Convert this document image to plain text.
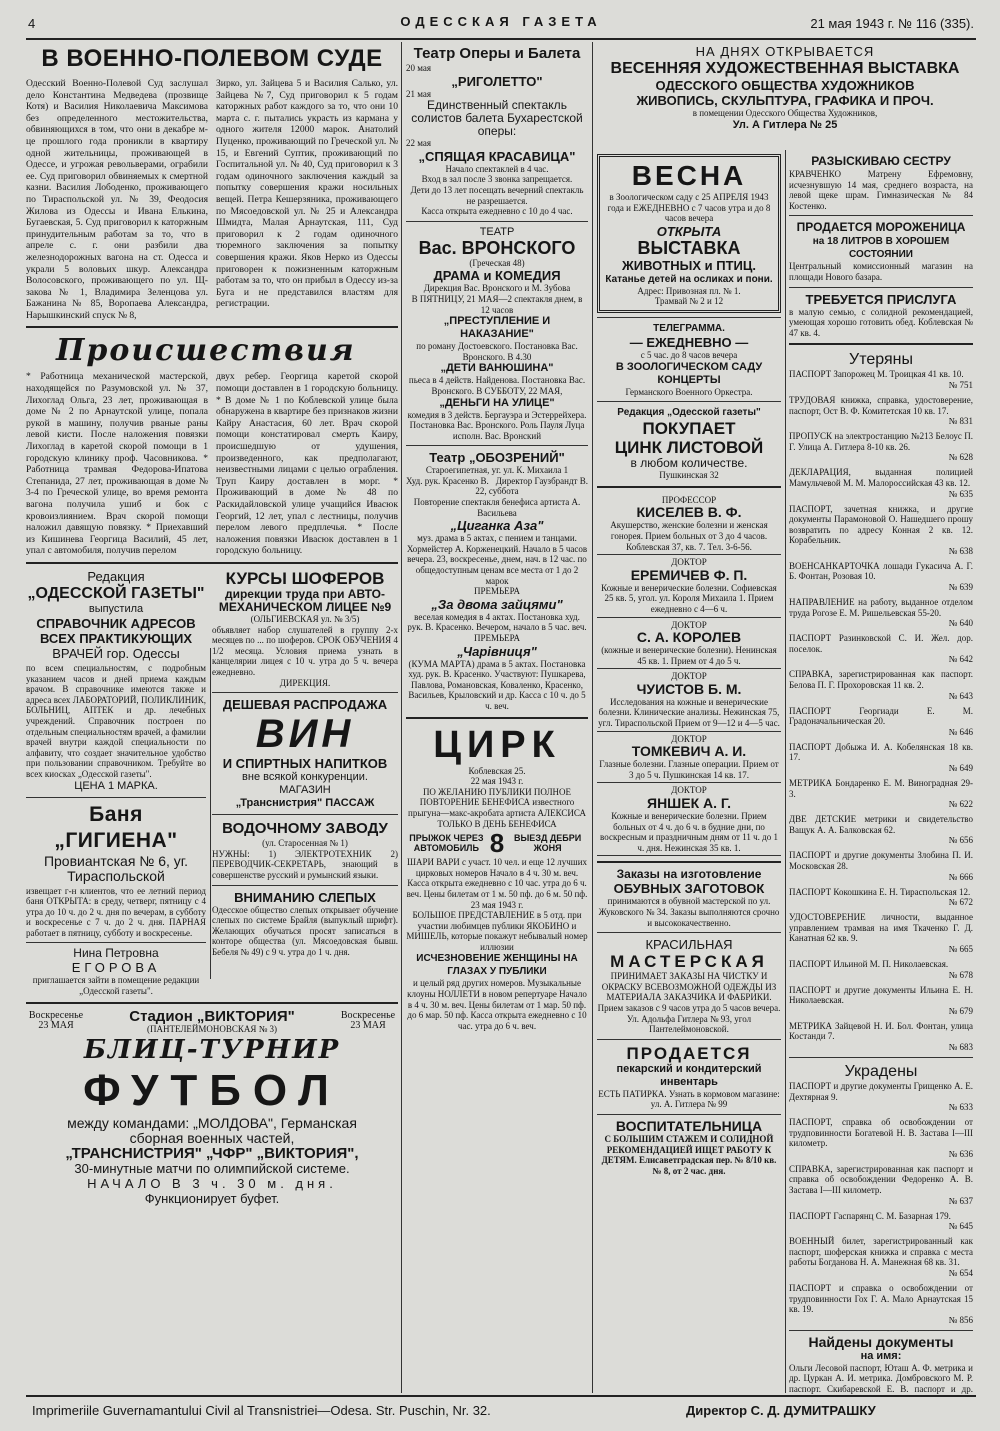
4	ОДЕССКАЯ ГАЗЕТА	21 мая 1943 г. № 116 (335).
В ВОЕННО-ПОЛЕВОМ СУДЕ

Одесский Военно-Полевой Суд заслушал дело Константина Медведева (прозвище Котя) и Василия Николаевича Максимова без определенного местожительства, обвиняющихся в том, что они в декабре м-це прошлого года проникли в квартиру одной жительницы, проживающей в Одессе, и угрожая револьверами, ограбили ее. Суд приговорил обвиняемых к смертной казни. Василия Лободенко, проживающего по Тираспольской ул. № 39, Феодосия Жилова из Одессы и Ивана Елькина, Бугаевская, 5. Суд приговорил к каторжным принудительным работам за то, что в апреле с. г. они разбили два железнодорожных вагона на ст. Одесса и украли 5 воловьих шкур. Александра Волосовского, проживающего по ул. Щ-закова № 1, Владимира Зеленцова ул. Бажанина № 85, Воропаева Александра, Нарышкинский спуск № 8,

Зирко, ул. Зайцева 5 и Василия Салько, ул. Зайцева №7, Суд приговорил к 5 годам каторжных работ каждого за то, что они 10 марта с. г. пытались украсть из кармана у одного жителя 12000 марок. Анатолий Пуценко, проживающий по Греческой ул. № 15, и Евгений Суптик, проживающий по Госпитальной ул. № 40, Суд приговорил к 3 годам одиночного заключения каждый за попытку совершения кражи носильных вещей. Петра Кешерзяника, проживающего по Мясоедовской ул. № 25 и Александра Шмидта, Малая Арнаутская, 111, Суд приговорил к 2 годам одиночного тюремного заключения за попытку совершения кражи. Яков Нерко из Одессы приговорен к пожизненным каторжным работам за то, что он прибыл в Одессу из-за Буга и не представился властям для регистрации.

Происшествия

* Работница механической мастерской, находящейся по Разумовской ул. № 37, Лихоглад Ольга, 23 лет, проживающая в доме № 2 по Арнаутской улице, попала рукой в машину, получив рваные раны левой кисти. После наложения повязки Лихоглад в каретой скорой помощи в 1 городскую клинику проф. Часовникова. * Работница трамвая Федорова-Ипатова Степанида, 27 лет, проживающая в доме № 3-4 по Греческой улице, во время ремонта вагона получила ушиб и бок с кровоизлиянием. Врач скорой помощи наложил давящую повязку. * Приехавший из Кишинева Георгица Василий, 45 лет, упал с автомобиля, получив перелом

двух ребер. Георгица каретой скорой помощи доставлен в 1 городскую больницу. * В доме № 1 по Коблевской улице была обнаружена в квартире без признаков жизни Кайру Анастасия, 60 лет. Врач скорой помощи констатировал смерть Каиру, происшедшую от удушения, произведенного, как предполагают, неизвестными лицами с целью ограбления. Труп Каиру доставлен в морг. * Проживающий в доме № 48 по Раскидайловской улице учащийся Ивасюк Георгий, 12 лет, упал с лестницы, получив перелом левого предплечья. * После наложения повязки Ивасюк доставлен в 1 городскую больницу.

Редакция
„ОДЕССКОЙ ГАЗЕТЫ"
выпустила
СПРАВОЧНИК АДРЕСОВ
ВСЕХ ПРАКТИКУЮЩИХ
ВРАЧЕЙ гор. Одессы

по всем специальностям, с подробным указанием часов и дней приема каждым врачом. В справочнике имеются также и адреса всех ЛАБОРАТОРИЙ, ПОЛИКЛИНИК, БОЛЬНИЦ, АПТЕК и др. лечебных учреждений. Справочник построен по отдельным специальностям врачей, а фамилии врачей внутри каждой специальности по алфавиту, что создает значительное удобство при пользовании справочником. Требуйте во всех киосках „Одесской газеты".

ЦЕНА 1 МАРКА.
Баня „ГИГИЕНА"
Провиантская № 6, уг. Тираспольской

извещает г-н клиентов, что ее летний период баня ОТКРЫТА: в среду, четверг, пятницу с 4 утра до 10 ч. до 2 ч. дня по вечерам, в субботу и воскресенье с 7 ч. до 2 ч. дня. ПАРНАЯ работает в пятницу, субботу и воскресенье.

Нина Петровна
ЕГОРОВА

приглашается зайти в помещение редакции „Одесской газеты".

КУРСЫ ШОФЕРОВ
дирекции труда при АВТО-МЕХАНИЧЕСКОМ ЛИЦЕЕ №9
(ОЛЬГИЕВСКАЯ ул. № 3/5)

объявляет набор слушателей в группу 2-х месяцев по ... по шоферов. СРОК ОБУЧЕНИЯ 4 1/2 месяца. Условия приема узнать в канцелярии лицея с 10 ч. утра до 5 ч. вечера ежедневно.

ДИРЕКЦИЯ.
ДЕШЕВАЯ РАСПРОДАЖА
ВИН
И СПИРТНЫХ НАПИТКОВ
вне всякой конкуренции.
МАГАЗИН
„Транснистрия" ПАССАЖ
ВОДОЧНОМУ ЗАВОДУ
(ул. Старосенная № 1)

НУЖНЫ: 1) ЭЛЕКТРОТЕХНИК 2) ПЕРЕВОДЧИК-СЕКРЕТАРЬ, знающий в совершенстве русский и румынский языки.

ВНИМАНИЮ СЛЕПЫХ

Одесское общество слепых открывает обучение слепых по системе Брайля (выпуклый шрифт). Желающих обучаться просят записаться в конторе общества (ул. Мясоедовская бывш. Бебеля № 49) с 9 ч. утра до 1 ч. дня.

Воскресенье 23 МАЯ
Стадион „ВИКТОРИЯ"
(ПАНТЕЛЕЙМОНОВСКАЯ № 3)
Воскресенье 23 МАЯ
БЛИЦ-ТУРНИР
ФУТБОЛ
между командами: „МОЛДОВА", Германская
сборная военных частей,
„ТРАНСНИСТРИЯ" „ЧФР" „ВИКТОРИЯ",
30-минутные матчи по олимпийской системе.
НАЧАЛО В 3 ч. 30 м. дня.
Функционирует буфет.
Театр Оперы и Балета
20 мая
„РИГОЛЕТТО"
21 мая
Единственный спектакль солистов балета Бухарестской оперы:
22 мая
„СПЯЩАЯ КРАСАВИЦА"
Начало спектаклей в 4 час.

Вход в зал после 3 звонка запрещается.

Дети до 13 лет посещать вечерний спектакль не разрешается.

Касса открыта ежедневно с 10 до 4 час.

ТЕАТР
Вас. ВРОНСКОГО
(Греческая 48)
ДРАМА и КОМЕДИЯ
Дирекция Вас. Вронского и М. Зубова

В ПЯТНИЦУ, 21 МАЯ—2 спектакля днем, в 12 часов

„ПРЕСТУПЛЕНИЕ И НАКАЗАНИЕ"

по роману Достоевского. Постановка Вас. Вронского. В 4.30

„ДЕТИ ВАНЮШИНА"

пьеса в 4 действ. Найденова. Постановка Вас. Вронского. В СУББОТУ, 22 МАЯ,

„ДЕНЬГИ НА УЛИЦЕ"

комедия в 3 действ. Бергауэра и Эстеррейхера. Постановка Вас. Вронского. Роль Пауля Луца исполн. Вас. Вронский

Театр „ОБОЗРЕНИЙ"
Староегипетная, уг. ул. К. Михаила 1
Худ. рук. Красенко В. Директор Гаузбрандт В.
22, суббота

Повторение спектакля бенефиса артиста А. Васильева

„Циганка Аза"

муз. драма в 5 актах, с пением и танцами. Хормейстер А. Корженецкий. Начало в 5 часов вечера. 23, воскресенье, днем, нач. в 12 час. по общедоступным ценам все места от 1 до 2 марок

ПРЕМЬЕРА
„За двома зайцями"

веселая комедия в 4 актах. Постановка худ. рук. В. Красенко. Вечером, начало в 5 час. веч.

ПРЕМЬЕРА
„Чарівниця"

(КУМА МАРТА) драма в 5 актах. Постановка худ. рук. В. Красенко. Участвуют: Пушкарева, Павлова, Романовская, Коваленко, Красенко, Васильев, Крыловский и др. Касса с 10 ч. до 5 ч. веч.

ЦИРК
Коблевская 25.
22 мая 1943 г.

ПО ЖЕЛАНИЮ ПУБЛИКИ ПОЛНОЕ ПОВТОРЕНИЕ БЕНЕФИСА известного прыгуна—макс-акробата артиста АЛЕКСИСА ТОЛЬКО В ДЕНЬ БЕНЕФИСА

ПРЫЖОК ЧЕРЕЗ АВТОМОБИЛЬ 8	ВЫЕЗД ДЕБРИ ЖОНЯ

ШАРИ ВАРИ с участ. 10 чел. и еще 12 лучших цирковых номеров Начало в 4 ч. 30 м. веч. Касса открыта ежедневно с 10 час. утра до 6 ч. веч. Цены билетам от 1 м. 50 пф. до 6 м. 50 пф.

23 мая 1943 г.

БОЛЬШОЕ ПРЕДСТАВЛЕНИЕ в 5 отд. при участии любимцев публики ЯКОБИНО и МИШЕЛЬ, которые покажут небывалый номер иллюзии

ИСЧЕЗНОВЕНИЕ ЖЕНЩИНЫ НА ГЛАЗАХ У ПУБЛИКИ

и целый ряд других номеров. Музыкальные клоуны НОЛЛЕТИ в новом репертуаре Начало в 4 ч. 30 м. веч. Цены билетам от 1 мар. 50 пф. до 6 мар. 50 пф. Касса открыта ежедневно с 10 час. утра до 6 ч. веч.

НА ДНЯХ ОТКРЫВАЕТСЯ
ВЕСЕННЯЯ ХУДОЖЕСТВЕННАЯ ВЫСТАВКА
ОДЕССКОГО ОБЩЕСТВА ХУДОЖНИКОВ
ЖИВОПИСЬ, СКУЛЬПТУРА, ГРАФИКА И ПРОЧ.
в помещении Одесского Общества Художников,
Ул. А Гитлера № 25
ВЕСНА

в Зоологическом саду с 25 АПРЕЛЯ 1943 года и ЕЖЕДНЕВНО с 7 часов утра и до 8 часов вечера

ОТКРЫТА
ВЫСТАВКА
ЖИВОТНЫХ и ПТИЦ.
Катанье детей на осликах и пони.
Адрес: Привозная пл. № 1.
Трамвай № 2 и 12
ТЕЛЕГРАММА.
— ЕЖЕДНЕВНО —
с 5 час. до 8 часов вечера
В ЗООЛОГИЧЕСКОМ САДУ
КОНЦЕРТЫ
Германского Военного Оркестра.
Редакция „Одесской газеты"
ПОКУПАЕТ
ЦИНК ЛИСТОВОЙ
в любом количестве.
Пушкинская 32
ПРОФЕССОР
КИСЕЛЕВ В. Ф.

Акушерство, женские болезни и женская гонорея. Прием больных от 3 до 4 часов. Коблевская 37, кв. 7. Тел. 3-6-56.

ДОКТОР
ЕРЕМИЧЕВ Ф. П.

Кожные и венерические болезни. Софиевская 25 кв. 5, угол. ул. Короля Михаила 1. Прием ежедневно с 4—6 ч.

ДОКТОР
С. А. КОРОЛЕВ

(кожные и венерические болезни). Ненинская 45 кв. 1. Прием от 4 до 5 ч.

ДОКТОР
ЧУИСТОВ Б. М.

Исследования на кожные и венерические болезни. Клинические анализы. Нежинская 75, угл. Тираспольской Прием от 9—12 и 4—5 час.

ДОКТОР
ТОМКЕВИЧ А. И.

Глазные болезни. Глазные операции. Прием от 3 до 5 ч. Пушкинская 14 кв. 17.

ДОКТОР
ЯНШЕК А. Г.

Кожные и венерические болезни. Прием больных от 4 ч. до 6 ч. в будние дни, по воскресным и праздничным дням от 11 ч. до 1 ч. дня. Нежинская 35 кв. 1.

Заказы на изготовление
ОБУВНЫХ ЗАГОТОВОК

принимаются в обувной мастерской по ул. Жуковского № 34. Заказы выполняются срочно и высококачественно.

КРАСИЛЬНАЯ
МАСТЕРСКАЯ

ПРИНИМАЕТ ЗАКАЗЫ НА ЧИСТКУ И ОКРАСКУ ВСЕВОЗМОЖНОЙ ОДЕЖДЫ ИЗ МАТЕРИАЛА ЗАКАЗЧИКА И ФАБРИКИ. Прием заказов с 9 часов утра до 5 часов вечера. Ул. Адольфа Гитлера № 93, угол Пантелеймоновской.

ПРОДАЕТСЯ
пекарский и кондитерский инвентарь

ЕСТЬ ПАТИРКА. Узнать в кормовом магазине: ул. А. Гитлера № 99

ВОСПИТАТЕЛЬНИЦА

С БОЛЬШИМ СТАЖЕМ И СОЛИДНОЙ РЕКОМЕНДАЦИЕЙ ИЩЕТ РАБОТУ К ДЕТЯМ. Елисаветградская пер. № 8/10 кв. № 8, от 2 час. дня.

РАЗЫСКИВАЮ СЕСТРУ

КРАВЧЕНКО Матрену Ефремовну, исчезнувшую 14 мая, среднего возраста, на левой щеке шрам. Гимназическая № 84 Костенко.

ПРОДАЕТСЯ МОРОЖЕНИЦА
на 18 ЛИТРОВ В ХОРОШЕМ СОСТОЯНИИ

Центральный комиссионный магазин на площади Нового базара.

ТРЕБУЕТСЯ ПРИСЛУГА

в малую семью, с солидной рекомендацией, умеющая хорошо готовить обед. Коблевская № 47 кв. 4.

Утеряны

ПАСПОРТ Запорожец М. Троицкая 41 кв. 10.

№ 751

ТРУДОВАЯ книжка, справка, удостоверение, паспорт, Ост В. Ф. Комитетская 10 кв. 17.

№ 831

ПРОПУСК на электростанцию №213 Белоус П. Г. Улица А. Гитлера 8-10 кв. 26.

№ 628

ДЕКЛАРАЦИЯ, выданная полицией Мамульчевой М. М. Малороссийская 43 кв. 12.

№ 635

ПАСПОРТ, зачетная книжка, и другие документы Парамоновой О. Нашедшего прошу возвратить по адресу Конная 2 кв. 12. Корабельник.

№ 638

ВОЕНСАНКАРТОЧКА лошади Гукасича А. Г. Б. Фонтан, Розовая 10.

№ 639

НАПРАВЛЕНИЕ на работу, выданное отделом труда Рогозе Е. М. Ришельевская 55-20.

№ 640

ПАСПОРТ Разинковской С. И. Жел. дор. поселок.

№ 642

СПРАВКА, зарегистрированная как паспорт. Белова П. Г. Прохоровская 11 кв. 2.

№ 643

ПАСПОРТ Георгиади Е. М. Градоначальническая 20.

№ 646

ПАСПОРТ Добыжа И. А. Кобелянская 18 кв. 17.

№ 649

МЕТРИКА Бондаренко Е. М. Виноградная 29-3.

№ 622

ДВЕ ДЕТСКИЕ метрики и свидетельство Ващук А. А. Балковская 62.

№ 656

ПАСПОРТ и другие документы Злобина П. И. Московская 28.

№ 666

ПАСПОРТ Кокошкина Е. Н. Тираспольская 12.

№ 672

УДОСТОВЕРЕНИЕ личности, выданное управлением трамвая на имя Ткаченко Г. Д. Канатная 62 кв. 9.

№ 665

ПАСПОРТ Ильиной М. П. Николаевская.

№ 678

ПАСПОРТ и другие документы Ильина Е. Н. Николаевская.

№ 679

МЕТРИКА Зайцевой Н. И. Бол. Фонтан, улица Костанди 7.

№ 683
Украдены

ПАСПОРТ и другие документы Грищенко А. Е. Дехтярная 9.

№ 633

ПАСПОРТ, справка об освобождении от трудповинности Богатевой Н. В. Застава I—III километр.

№ 636

СПРАВКА, зарегистрированная как паспорт и справка об освобождении Федоренко А. В. Застава I—III километр.

№ 637

ПАСПОРТ Гаспарянц С. М. Базарная 179.

№ 645

ВОЕННЫЙ билет, зарегистрированный как паспорт, шоферская книжка и справка с места работы Богданова Н. А. Манежная 68 кв. 31.

№ 654

ПАСПОРТ и справка о освобождении от трудповинности Гох Г. А. Мало Арнаутская 15 кв. 19.

№ 856
Найдены документы
на имя:

Ольги Лесовой паспорт, Юташ А. Ф. метрика и др. Цуркан А. И. метрика. Домбровского М. Р. паспорт. Скибаревской Е. В. паспорт и др.

Imprimeriile Guvernamantului Civil al Transnistriei—Odesa. Str. Puschin, Nr. 32.	Директор С. Д. ДУМИТРАШКУ
